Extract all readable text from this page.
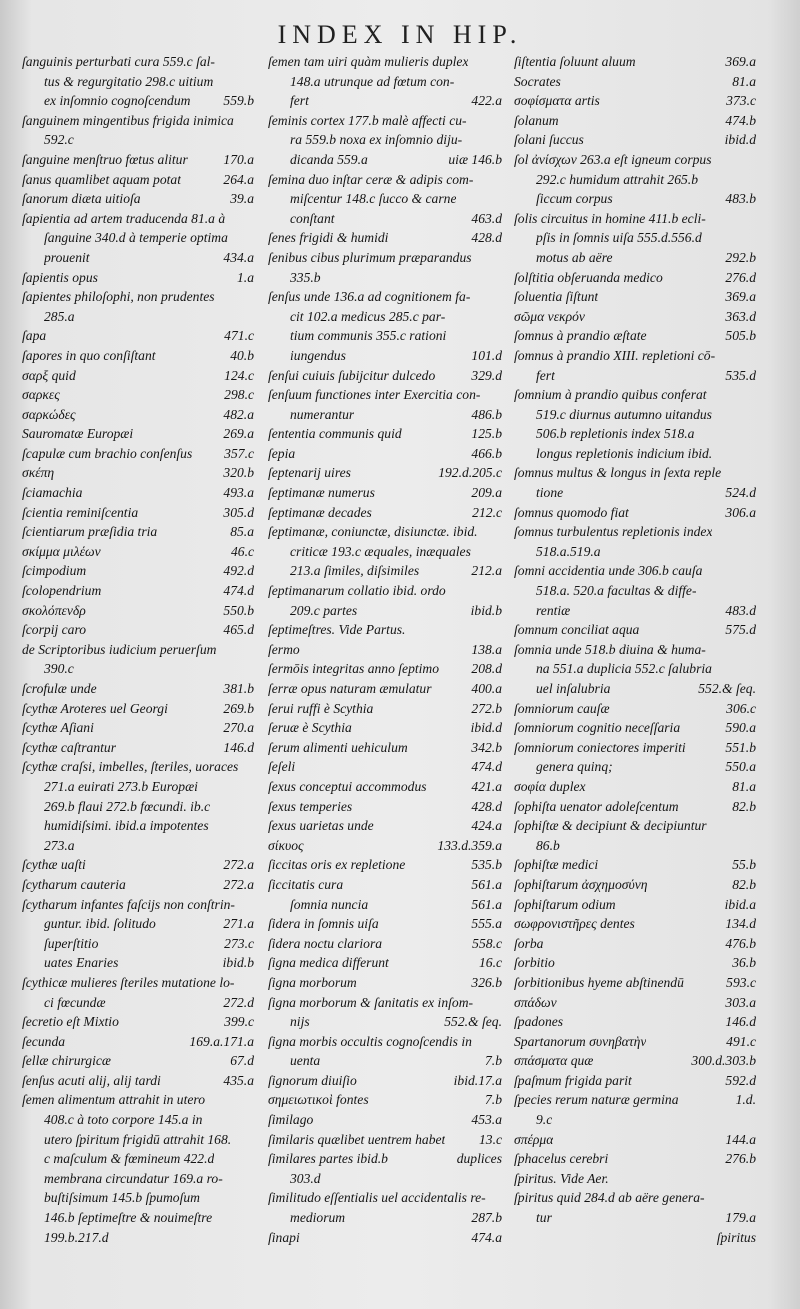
INDEX IN HIP.
ſanguinis perturbati cura 559.c ſal-
tus & regurgitatio 298.c uitium
ex inſomnio cognoſcendum	559.b
ſanguinem mingentibus frigida inimica
592.c
ſanguine menſtruo fœtus alitur	170.a
ſanus quamlibet aquam potat	264.a
ſanorum diæta uitioſa	39.a
ſapientia ad artem traducenda 81.a à
ſanguine 340.d à temperie optima
prouenit	434.a
ſapientis opus	1.a
ſapientes philoſophi, non prudentes
285.a
ſapa	471.c
ſapores in quo conſiſtant	40.b
σαρξ quid	124.c
σαρκες	298.c
σαρκώδες	482.a
Sauromatæ Europæi	269.a
ſcapulæ cum brachio conſenſus	357.c
σκέπη	320.b
ſciamachia	493.a
ſcientia reminiſcentia	305.d
ſcientiarum præſidia tria	85.a
σκίμμα μιλέων	46.c
ſcimpodium	492.d
ſcolopendrium	474.d
σκολόπενδρ	550.b
ſcorpij caro	465.d
de Scriptoribus iudicium peruerſum
390.c
ſcrofulæ unde	381.b
ſcythæ Aroteres uel Georgi	269.b
ſcythæ Aſiani	270.a
ſcythæ caſtrantur	146.d
ſcythæ craſsi, imbelles, ſteriles, uoraces
271.a euirati 273.b Europæi
269.b flaui 272.b fœcundi. ib.c
humidiſsimi. ibid.a impotentes
273.a
ſcythæ uaſti	272.a
ſcytharum cauteria	272.a
ſcytharum infantes faſcijs non conſtrin-
guntur. ibid. ſolitudo	271.a
ſuperſtitio	273.c
uates Enaries	ibid.b
ſcythicæ mulieres ſteriles mutatione lo-
ci fœcundæ	272.d
ſecretio eſt Mixtio	399.c
ſecunda	169.a.171.a
ſellæ chirurgicæ	67.d
ſenſus acuti alij, alij tardi	435.a
ſemen alimentum attrahit in utero
408.c à toto corpore 145.a in
utero ſpiritum frigidū attrahit 168.
c maſculum & fœmineum 422.d
membrana circundatur 169.a ro-
buſtiſsimum 145.b ſpumoſum
146.b ſeptimeſtre & nouimeſtre
199.b.217.d
ſemen tam uiri quàm mulieris duplex
148.a utrunque ad fœtum con-
fert	422.a
ſeminis cortex 177.b malè affecti cu-
ra 559.b noxa ex inſomnio diju-
dicanda 559.a	uiæ 146.b
ſemina duo inſtar ceræ & adipis com-
miſcentur 148.c ſucco & carne
conſtant	463.d
ſenes frigidi & humidi	428.d
ſenibus cibus plurimum præparandus
335.b
ſenſus unde 136.a ad cognitionem fa-
cit 102.a medicus 285.c par-
tium communis 355.c rationi
iungendus	101.d
ſenſui cuiuis ſubijcitur dulcedo	329.d
ſenſuum functiones inter Exercitia con-
numerantur	486.b
ſententia communis quid	125.b
ſepia	466.b
ſeptenarij uires	192.d.205.c
ſeptimanæ numerus	209.a
ſeptimanæ decades	212.c
ſeptimanæ, coniunctæ, disiunctæ. ibid.
criticæ 193.c æquales, inæquales
213.a ſimiles, diſsimiles	212.a
ſeptimanarum collatio ibid. ordo
209.c partes	ibid.b
ſeptimeſtres. Vide Partus.
ſermo	138.a
ſermōis integritas anno ſeptimo	208.d
ſerræ opus naturam æmulatur	400.a
ſerui ruffi è Scythia	272.b
ſeruæ è Scythia	ibid.d
ſerum alimenti uehiculum	342.b
ſeſeli	474.d
ſexus conceptui accommodus	421.a
ſexus temperies	428.d
ſexus uarietas unde	424.a
σίκυος	133.d.359.a
ſiccitas oris ex repletione	535.b
ſiccitatis cura	561.a
ſomnia nuncia	561.a
ſidera in ſomnis uiſa	555.a
ſidera noctu clariora	558.c
ſigna medica differunt	16.c
ſigna morborum	326.b
ſigna morborum & ſanitatis ex inſom-
nijs	552.& ſeq.
ſigna morbis occultis cognoſcendis in
uenta	7.b
ſignorum diuiſio	ibid.17.a
σημειωτικοὶ fontes	7.b
ſimilago	453.a
ſimilaris quælibet uentrem habet	13.c
ſimilares partes ibid.b	duplices
303.d
ſimilitudo eſſentialis uel accidentalis re-
mediorum	287.b
ſinapi	474.a
ſiſtentia ſoluunt aluum	369.a
Socrates	81.a
σοφίσματα artis	373.c
ſolanum	474.b
ſolani ſuccus	ibid.d
ſol ἀνίσχων 263.a eſt igneum corpus
292.c humidum attrahit 265.b
ſiccum corpus	483.b
ſolis circuitus in homine 411.b ecli-
pſis in ſomnis uiſa 555.d.556.d
motus ab aëre	292.b
ſolſtitia obſeruanda medico	276.d
ſoluentia ſiſtunt	369.a
σῶμα νεκρόν	363.d
ſomnus à prandio æſtate	505.b
ſomnus à prandio XIII. repletioni cō-
fert	535.d
ſomnium à prandio quibus conferat
519.c diurnus autumno uitandus
506.b repletionis index 518.a
longus repletionis indicium ibid.
ſomnus multus & longus in ſexta reple
tione	524.d
ſomnus quomodo fiat	306.a
ſomnus turbulentus repletionis index
518.a.519.a
ſomni accidentia unde 306.b cauſa
518.a. 520.a facultas & diffe-
rentiæ	483.d
ſomnum conciliat aqua	575.d
ſomnia unde 518.b diuina & huma-
na 551.a duplicia 552.c ſalubria
uel inſalubria	552.& ſeq.
ſomniorum cauſæ	306.c
ſomniorum cognitio neceſſaria	590.a
ſomniorum coniectores imperiti	551.b
genera quinq;	550.a
σοφία duplex	81.a
ſophiſta uenator adoleſcentum	82.b
ſophiſtæ & decipiunt & decipiuntur
86.b
ſophiſtæ medici	55.b
ſophiſtarum ἀσχημοσύνη	82.b
ſophiſtarum odium	ibid.a
σωφρονιστῆρες dentes	134.d
ſorba	476.b
ſorbitio	36.b
ſorbitionibus hyeme abſtinendū	593.c
σπάδων	303.a
ſpadones	146.d
Spartanorum συνηβατὴν	491.c
σπάσματα quæ	300.d.303.b
ſpaſmum frigida parit	592.d
ſpecies rerum naturæ germina	1.d.
9.c
σπέρμα	144.a
ſphacelus cerebri	276.b
ſpiritus. Vide Aer.
ſpiritus quid 284.d ab aëre genera-
tur	179.a
ſpiritus
